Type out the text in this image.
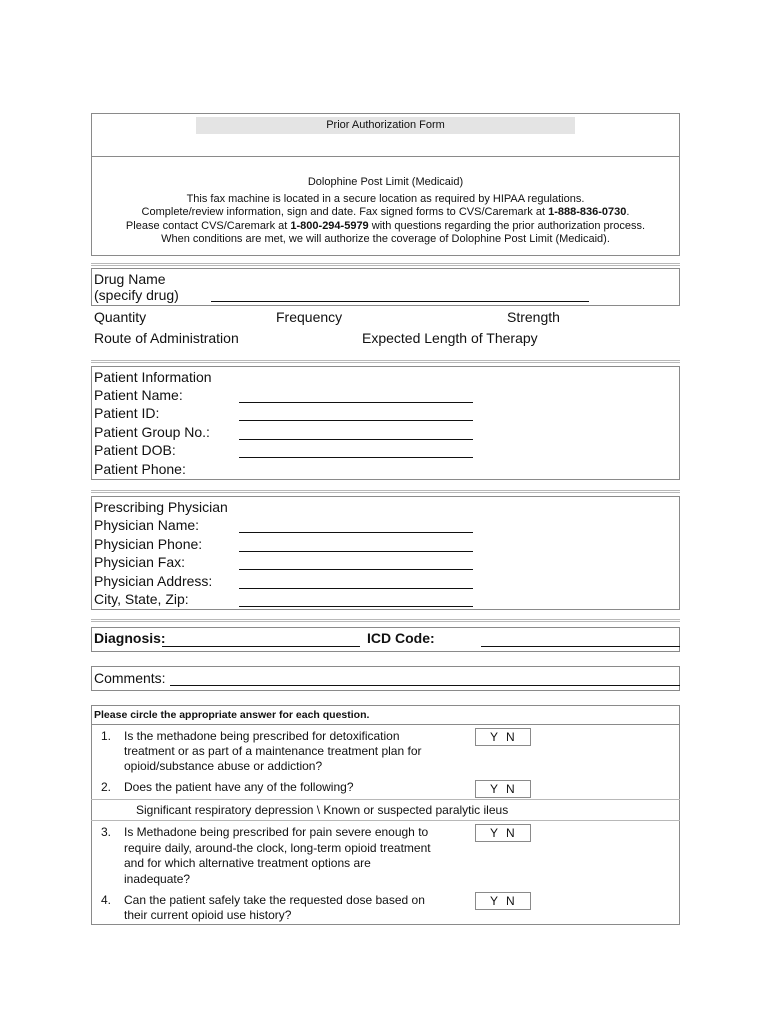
Prior Authorization Form
Dolophine Post Limit (Medicaid)
This fax machine is located in a secure location as required by HIPAA regulations.
Complete/review information, sign and date. Fax signed forms to CVS/Caremark at 1-888-836-0730.
Please contact CVS/Caremark at 1-800-294-5979 with questions regarding the prior authorization process.
When conditions are met, we will authorize the coverage of Dolophine Post Limit (Medicaid).
Drug Name
(specify drug)
Quantity	Frequency	Strength
Route of Administration	Expected Length of Therapy
Patient Information
Patient Name:
Patient ID:
Patient Group No.:
Patient DOB:
Patient Phone:
Prescribing Physician
Physician Name:
Physician Phone:
Physician Fax:
Physician Address:
City, State, Zip:
Diagnosis:	ICD Code:
Comments:
Please circle the appropriate answer for each question.
1. Is the methadone being prescribed for detoxification
treatment or as part of a maintenance treatment plan for
opioid/substance abuse or addiction?
Y N
2. Does the patient have any of the following?	Y N
Significant respiratory depression \ Known or suspected paralytic ileus
3. Is Methadone being prescribed for pain severe enough to
require daily, around-the clock, long-term opioid treatment
and for which alternative treatment options are
inadequate?
Y N
4. Can the patient safely take the requested dose based on
their current opioid use history?
Y N
